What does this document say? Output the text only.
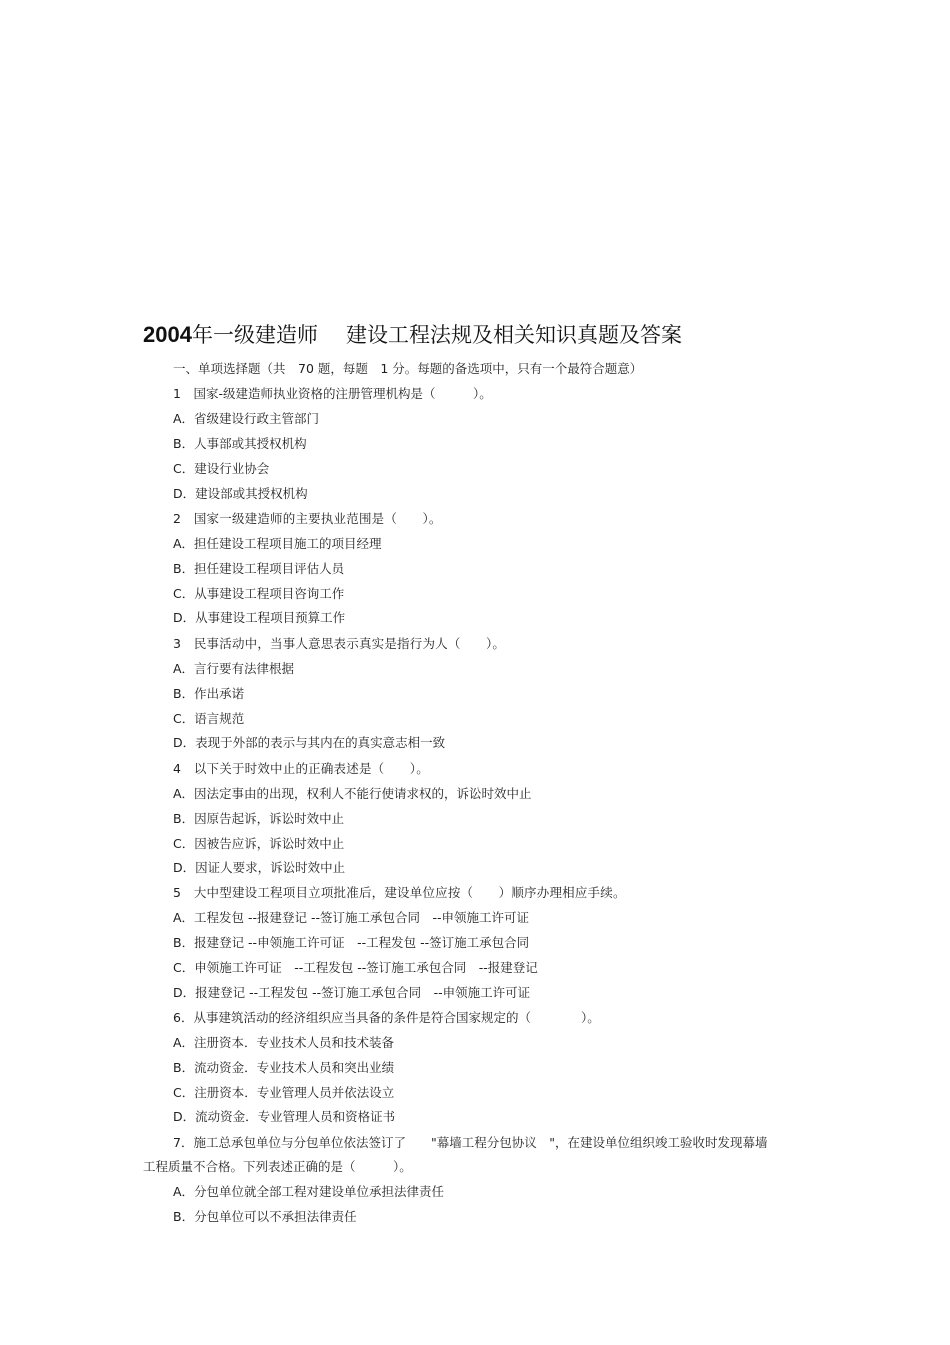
2004年一级建造师 建设工程法规及相关知识真题及答案
一、单项选择题（共　70 题，每题　1 分。每题的备选项中，只有一个最符合题意）
1　国家-级建造师执业资格的注册管理机构是（　　　）。
A．省级建设行政主管部门
B．人事部或其授权机构
C．建设行业协会
D．建设部或其授权机构
2　国家一级建造师的主要执业范围是（　　）。
A．担任建设工程项目施工的项目经理
B．担任建设工程项目评估人员
C．从事建设工程项目咨询工作
D．从事建设工程项目预算工作
3　民事活动中，当事人意思表示真实是指行为人（　　）。
A．言行要有法律根据
B．作出承诺
C．语言规范
D．表现于外部的表示与其内在的真实意志相一致
4　以下关于时效中止的正确表述是（　　）。
A．因法定事由的出现，权利人不能行使请求权的，诉讼时效中止
B．因原告起诉，诉讼时效中止
C．因被告应诉，诉讼时效中止
D．因证人要求，诉讼时效中止
5　大中型建设工程项目立项批准后，建设单位应按（　　）顺序办理相应手续。
A．工程发包 --报建登记 --签订施工承包合同　--申领施工许可证
B．报建登记 --申领施工许可证　--工程发包 --签订施工承包合同
C．申领施工许可证　--工程发包 --签订施工承包合同　--报建登记
D．报建登记 --工程发包 --签订施工承包合同　--申领施工许可证
6．从事建筑活动的经济组织应当具备的条件是符合国家规定的（　　　　）。
A．注册资本．专业技术人员和技术装备
B．流动资金．专业技术人员和突出业绩
C．注册资本．专业管理人员并依法设立
D．流动资金．专业管理人员和资格证书
7．施工总承包单位与分包单位依法签订了　　"幕墙工程分包协议　"，在建设单位组织竣工验收时发现幕墙
工程质量不合格。下列表述正确的是（　　　）。
A．分包单位就全部工程对建设单位承担法律责任
B．分包单位可以不承担法律责任
